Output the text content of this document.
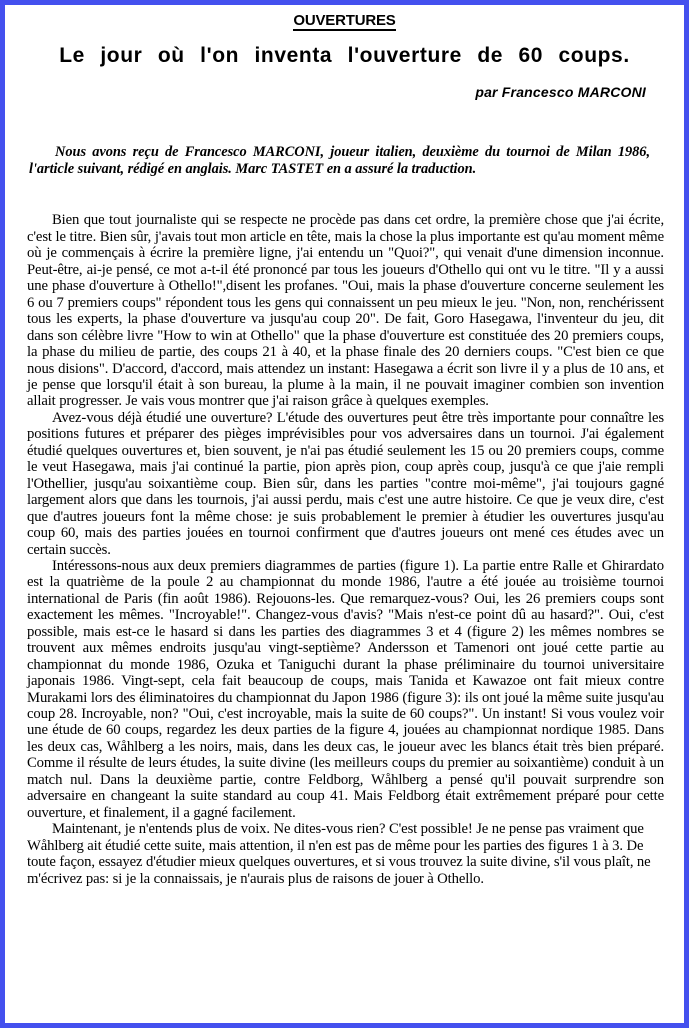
OUVERTURES
Le jour où l'on inventa l'ouverture de 60 coups.
par Francesco MARCONI
Nous avons reçu de Francesco MARCONI, joueur italien, deuxième du tournoi de Milan 1986, l'article suivant, rédigé en anglais. Marc TASTET en a assuré la traduction.

Bien que tout journaliste qui se respecte ne procède pas dans cet ordre, la première chose que j'ai écrite, c'est le titre. Bien sûr, j'avais tout mon article en tête, mais la chose la plus importante est qu'au moment même où je commençais à écrire la première ligne, j'ai entendu un "Quoi?", qui venait d'une dimension inconnue. Peut-être, ai-je pensé, ce mot a-t-il été prononcé par tous les joueurs d'Othello qui ont vu le titre. "Il y a aussi une phase d'ouverture à Othello!",disent les profanes. "Oui, mais la phase d'ouverture concerne seulement les 6 ou 7 premiers coups" répondent tous les gens qui connaissent un peu mieux le jeu. "Non, non, renchérissent tous les experts, la phase d'ouverture va jusqu'au coup 20". De fait, Goro Hasegawa, l'inventeur du jeu, dit dans son célèbre livre "How to win at Othello" que la phase d'ouverture est constituée des 20 premiers coups, la phase du milieu de partie, des coups 21 à 40, et la phase finale des 20 derniers coups. "C'est bien ce que nous disions". D'accord, d'accord, mais attendez un instant: Hasegawa a écrit son livre il y a plus de 10 ans, et je pense que lorsqu'il était à son bureau, la plume à la main, il ne pouvait imaginer combien son invention allait progresser. Je vais vous montrer que j'ai raison grâce à quelques exemples.

Avez-vous déjà étudié une ouverture? L'étude des ouvertures peut être très importante pour connaître les positions futures et préparer des pièges imprévisibles pour vos adversaires dans un tournoi. J'ai également étudié quelques ouvertures et, bien souvent, je n'ai pas étudié seulement les 15 ou 20 premiers coups, comme le veut Hasegawa, mais j'ai continué la partie, pion après pion, coup après coup, jusqu'à ce que j'aie rempli l'Othellier, jusqu'au soixantième coup. Bien sûr, dans les parties "contre moi-même", j'ai toujours gagné largement alors que dans les tournois, j'ai aussi perdu, mais c'est une autre histoire. Ce que je veux dire, c'est que d'autres joueurs font la même chose: je suis probablement le premier à étudier les ouvertures jusqu'au coup 60, mais des parties jouées en tournoi confirment que d'autres joueurs ont mené ces études avec un certain succès.

Intéressons-nous aux deux premiers diagrammes de parties (figure 1). La partie entre Ralle et Ghirardato est la quatrième de la poule 2 au championnat du monde 1986, l'autre a été jouée au troisième tournoi international de Paris (fin août 1986). Rejouons-les. Que remarquez-vous? Oui, les 26 premiers coups sont exactement les mêmes. "Incroyable!". Changez-vous d'avis? "Mais n'est-ce point dû au hasard?". Oui, c'est possible, mais est-ce le hasard si dans les parties des diagrammes 3 et 4 (figure 2) les mêmes nombres se trouvent aux mêmes endroits jusqu'au vingt-septième? Andersson et Tamenori ont joué cette partie au championnat du monde 1986, Ozuka et Taniguchi durant la phase préliminaire du tournoi universitaire japonais 1986. Vingt-sept, cela fait beaucoup de coups, mais Tanida et Kawazoe ont fait mieux contre Murakami lors des éliminatoires du championnat du Japon 1986 (figure 3): ils ont joué la même suite jusqu'au coup 28. Incroyable, non? "Oui, c'est incroyable, mais la suite de 60 coups?". Un instant! Si vous voulez voir une étude de 60 coups, regardez les deux parties de la figure 4, jouées au championnat nordique 1985. Dans les deux cas, Wåhlberg a les noirs, mais, dans les deux cas, le joueur avec les blancs était très bien préparé. Comme il résulte de leurs études, la suite divine (les meilleurs coups du premier au soixantième) conduit à un match nul. Dans la deuxième partie, contre Feldborg, Wåhlberg a pensé qu'il pouvait surprendre son adversaire en changeant la suite standard au coup 41. Mais Feldborg était extrêmement préparé pour cette ouverture, et finalement, il a gagné facilement.

Maintenant, je n'entends plus de voix. Ne dites-vous rien? C'est possible! Je ne pense pas vraiment que Wåhlberg ait étudié cette suite, mais attention, il n'en est pas de même pour les parties des figures 1 à 3. De toute façon, essayez d'étudier mieux quelques ouvertures, et si vous trouvez la suite divine, s'il vous plaît, ne m'écrivez pas: si je la connaissais, je n'aurais plus de raisons de jouer à Othello.
